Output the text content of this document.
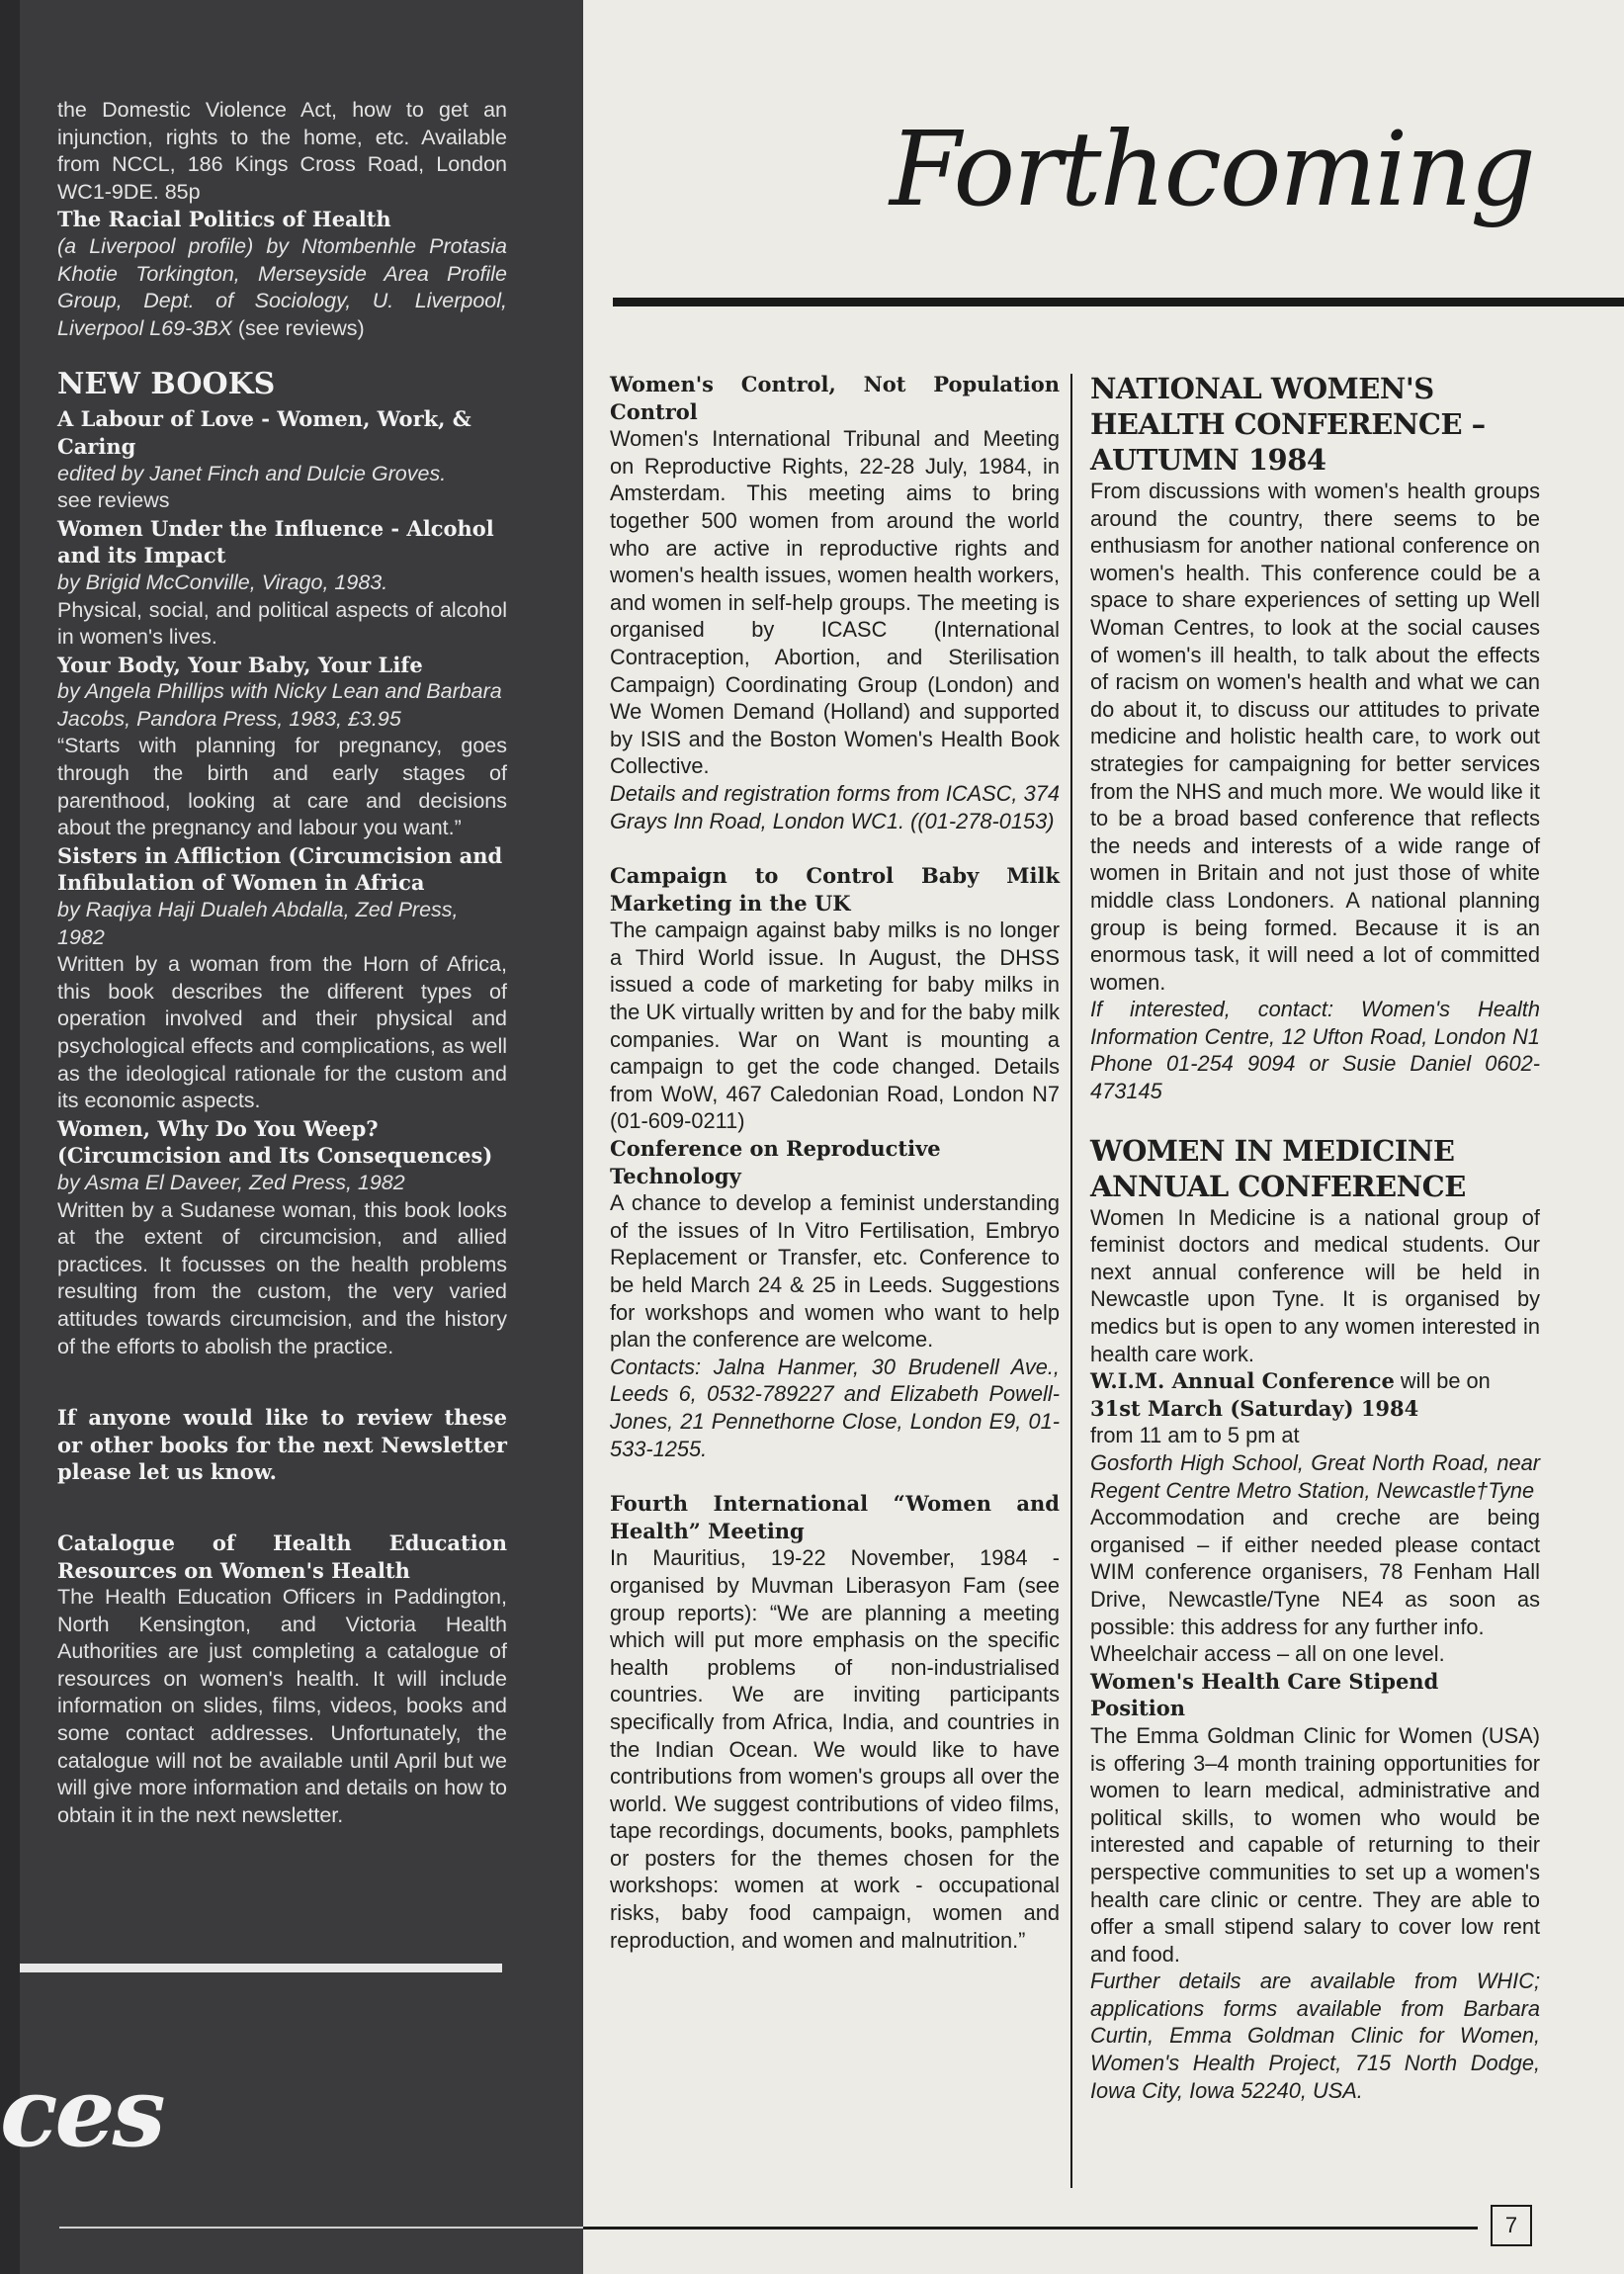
the Domestic Violence Act, how to get an injunction, rights to the home, etc. Available from NCCL, 186 Kings Cross Road, London WC1-9DE. 85p

The Racial Politics of Health

(a Liverpool profile) by Ntombenhle Protasia Khotie Torkington, Merseyside Area Profile Group, Dept. of Sociology, U. Liverpool, Liverpool L69-3BX (see reviews)

NEW BOOKS

A Labour of Love - Women, Work, & Caring

edited by Janet Finch and Dulcie Groves.

see reviews

Women Under the Influence - Alcohol and its Impact

by Brigid McConville, Virago, 1983.

Physical, social, and political aspects of alcohol in women's lives.

Your Body, Your Baby, Your Life

by Angela Phillips with Nicky Lean and Barbara Jacobs, Pandora Press, 1983, £3.95

“Starts with planning for pregnancy, goes through the birth and early stages of parenthood, looking at care and decisions about the pregnancy and labour you want.”

Sisters in Affliction (Circumcision and Infibulation of Women in Africa

by Raqiya Haji Dualeh Abdalla, Zed Press, 1982

Written by a woman from the Horn of Africa, this book describes the different types of operation involved and their physical and psychological effects and complications, as well as the ideological rationale for the custom and its economic aspects.

Women, Why Do You Weep? (Circumcision and Its Consequences)

by Asma El Daveer, Zed Press, 1982

Written by a Sudanese woman, this book looks at the extent of circumcision, and allied practices. It focusses on the health problems resulting from the custom, the very varied attitudes towards circumcision, and the history of the efforts to abolish the practice.

If anyone would like to review these or other books for the next Newsletter please let us know.

Catalogue of Health Education Resources on Women's Health

The Health Education Officers in Paddington, North Kensington, and Victoria Health Authorities are just completing a catalogue of resources on women's health. It will include information on slides, films, videos, books and some contact addresses. Unfortunately, the catalogue will not be available until April but we will give more information and details on how to obtain it in the next newsletter.

ces
Forthcoming

Women's Control, Not Population Control

Women's International Tribunal and Meeting on Reproductive Rights, 22-28 July, 1984, in Amsterdam. This meeting aims to bring together 500 women from around the world who are active in reproductive rights and women's health issues, women health workers, and women in self-help groups. The meeting is organised by ICASC (International Contraception, Abortion, and Sterilisation Campaign) Coordinating Group (London) and We Women Demand (Holland) and supported by ISIS and the Boston Women's Health Book Collective.

Details and registration forms from ICASC, 374 Grays Inn Road, London WC1. ((01-278-0153)

Campaign to Control Baby Milk Marketing in the UK

The campaign against baby milks is no longer a Third World issue. In August, the DHSS issued a code of marketing for baby milks in the UK virtually written by and for the baby milk companies. War on Want is mounting a campaign to get the code changed. Details from WoW, 467 Caledonian Road, London N7 (01-609-0211)

Conference on Reproductive Technology

A chance to develop a feminist understanding of the issues of In Vitro Fertilisation, Embryo Replacement or Transfer, etc. Conference to be held March 24 & 25 in Leeds. Suggestions for workshops and women who want to help plan the conference are welcome.

Contacts: Jalna Hanmer, 30 Brudenell Ave., Leeds 6, 0532-789227 and Elizabeth Powell-Jones, 21 Pennethorne Close, London E9, 01-533-1255.

Fourth International “Women and Health” Meeting

In Mauritius, 19-22 November, 1984 - organised by Muvman Liberasyon Fam (see group reports): “We are planning a meeting which will put more emphasis on the specific health problems of non-industrialised countries. We are inviting participants specifically from Africa, India, and countries in the Indian Ocean. We would like to have contributions from women's groups all over the world. We suggest contributions of video films, tape recordings, documents, books, pamphlets or posters for the themes chosen for the workshops: women at work - occupational risks, baby food campaign, women and reproduction, and women and malnutrition.”

NATIONAL WOMEN'S HEALTH CONFERENCE – AUTUMN 1984

From discussions with women's health groups around the country, there seems to be enthusiasm for another national conference on women's health. This conference could be a space to share experiences of setting up Well Woman Centres, to look at the social causes of women's ill health, to talk about the effects of racism on women's health and what we can do about it, to discuss our attitudes to private medicine and holistic health care, to work out strategies for campaigning for better services from the NHS and much more. We would like it to be a broad based conference that reflects the needs and interests of a wide range of women in Britain and not just those of white middle class Londoners. A national planning group is being formed. Because it is an enormous task, it will need a lot of committed women.

If interested, contact: Women's Health Information Centre, 12 Ufton Road, London N1 Phone 01-254 9094 or Susie Daniel 0602-473145

WOMEN IN MEDICINE ANNUAL CONFERENCE

Women In Medicine is a national group of feminist doctors and medical students. Our next annual conference will be held in Newcastle upon Tyne. It is organised by medics but is open to any women interested in health care work.

W.I.M. Annual Conference will be on

31st March (Saturday) 1984

from 11 am to 5 pm at

Gosforth High School, Great North Road, near Regent Centre Metro Station, Newcastle†Tyne

Accommodation and creche are being organised – if either needed please contact WIM conference organisers, 78 Fenham Hall Drive, Newcastle/Tyne NE4 as soon as possible: this address for any further info.

Wheelchair access – all on one level.

Women's Health Care Stipend Position

The Emma Goldman Clinic for Women (USA) is offering 3–4 month training opportunities for women to learn medical, administrative and political skills, to women who would be interested and capable of returning to their perspective communities to set up a women's health care clinic or centre. They are able to offer a small stipend salary to cover low rent and food.

Further details are available from WHIC; applications forms available from Barbara Curtin, Emma Goldman Clinic for Women, Women's Health Project, 715 North Dodge, Iowa City, Iowa 52240, USA.

7
